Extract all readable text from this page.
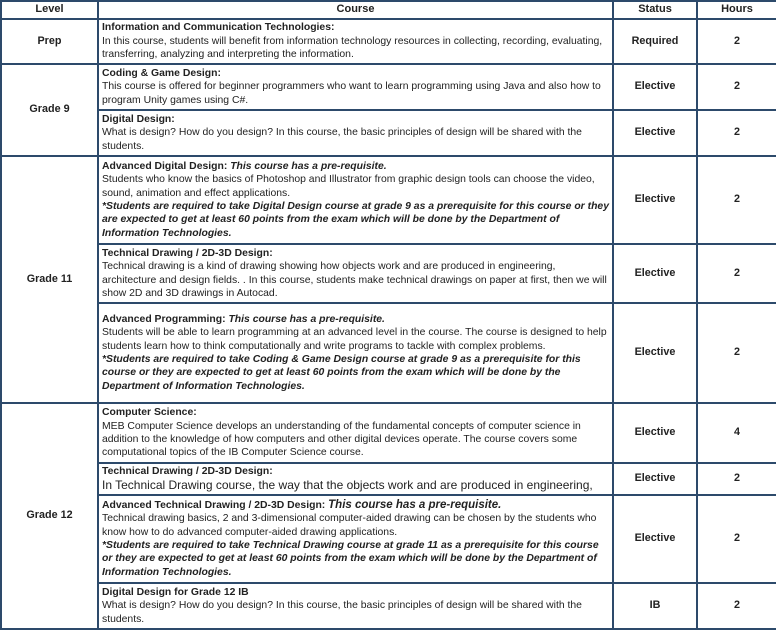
Level	Course	Status	Hours
Prep	Information and Communication Technologies:
In this course, students will benefit from information technology resources in collecting, recording, evaluating, transferring, analyzing and interpreting the information.	Required	2
Grade 9	Coding & Game Design:
This course is offered for beginner programmers who want to learn programming using Java and also how to program Unity games using C#.	Elective	2
	Digital Design:
What is design? How do you design? In this course, the basic principles of design will be shared with the students.	Elective	2
Grade 11	Advanced Digital Design: This course has a pre-requisite.
Students who know the basics of Photoshop and Illustrator from graphic design tools can choose the video, sound, animation and effect applications.
*Students are required to take Digital Design course at grade 9 as a prerequisite for this course or they are expected to get at least 60 points from the exam which will be done by the Department of Information Technologies.	Elective	2
	Technical Drawing / 2D-3D Design:
Technical drawing is a kind of drawing showing how objects work and are produced in engineering, architecture and design fields. . In this course, students make technical drawings on paper at first, then we will show 2D and 3D drawings in Autocad.	Elective	2
	Advanced Programming: This course has a pre-requisite.
Students will be able to learn programming at an advanced level in the course. The course is designed to help students learn how to think computationally and write programs to tackle with complex problems.
*Students are required to take Coding & Game Design course at grade 9 as a prerequisite for this course or they are expected to get at least 60 points from the exam which will be done by the Department of Information Technologies.	Elective	2
Grade 12	Computer Science:
MEB Computer Science develops an understanding of the fundamental concepts of computer science in addition to the knowledge of how computers and other digital devices operate. The course covers some computational topics of the IB Computer Science course.	Elective	4
	Technical Drawing / 2D-3D Design:
In Technical Drawing course, the way that the objects work and are produced in engineering,	Elective	2
	Advanced Technical Drawing / 2D-3D Design: This course has a pre-requisite.
Technical drawing basics, 2 and 3-dimensional computer-aided drawing can be chosen by the students who know how to do advanced computer-aided drawing applications.
*Students are required to take Technical Drawing course at grade 11 as a prerequisite for this course or they are expected to get at least 60 points from the exam which will be done by the Department of Information Technologies.	Elective	2
	Digital Design for Grade 12 IB
What is design? How do you design? In this course, the basic principles of design will be shared with the students.	IB	2
